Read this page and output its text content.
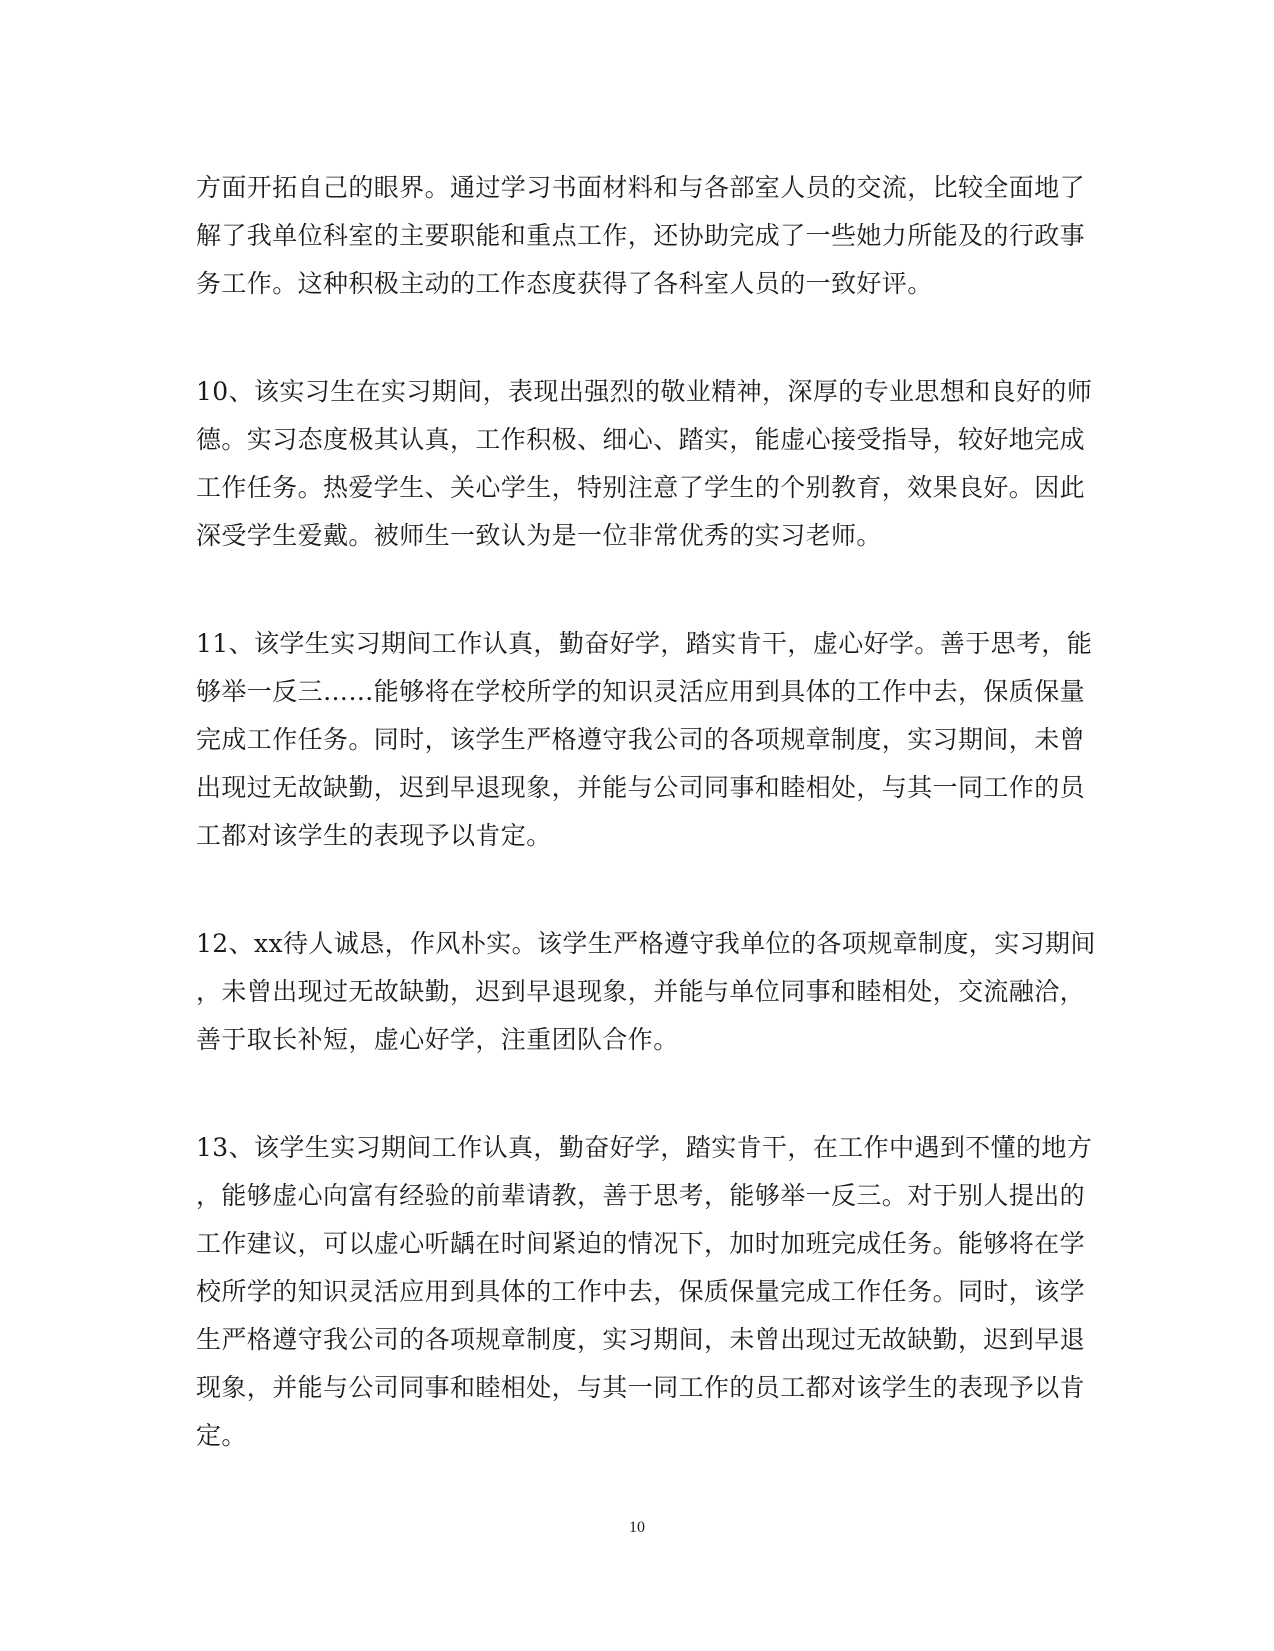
方面开拓自己的眼界。通过学习书面材料和与各部室人员的交流，比较全面地了
解了我单位科室的主要职能和重点工作，还协助完成了一些她力所能及的行政事
务工作。这种积极主动的工作态度获得了各科室人员的一致好评。
10、该实习生在实习期间，表现出强烈的敬业精神，深厚的专业思想和良好的师
德。实习态度极其认真，工作积极、细心、踏实，能虚心接受指导，较好地完成
工作任务。热爱学生、关心学生，特别注意了学生的个别教育，效果良好。因此
深受学生爱戴。被师生一致认为是一位非常优秀的实习老师。
11、该学生实习期间工作认真，勤奋好学，踏实肯干，虚心好学。善于思考，能
够举一反三……能够将在学校所学的知识灵活应用到具体的工作中去，保质保量
完成工作任务。同时，该学生严格遵守我公司的各项规章制度，实习期间，未曾
出现过无故缺勤，迟到早退现象，并能与公司同事和睦相处，与其一同工作的员
工都对该学生的表现予以肯定。
12、xx待人诚恳，作风朴实。该学生严格遵守我单位的各项规章制度，实习期间
，未曾出现过无故缺勤，迟到早退现象，并能与单位同事和睦相处，交流融洽，
善于取长补短，虚心好学，注重团队合作。
13、该学生实习期间工作认真，勤奋好学，踏实肯干，在工作中遇到不懂的地方
，能够虚心向富有经验的前辈请教，善于思考，能够举一反三。对于别人提出的
工作建议，可以虚心听龋在时间紧迫的情况下，加时加班完成任务。能够将在学
校所学的知识灵活应用到具体的工作中去，保质保量完成工作任务。同时，该学
生严格遵守我公司的各项规章制度，实习期间，未曾出现过无故缺勤，迟到早退
现象，并能与公司同事和睦相处，与其一同工作的员工都对该学生的表现予以肯
定。
10
